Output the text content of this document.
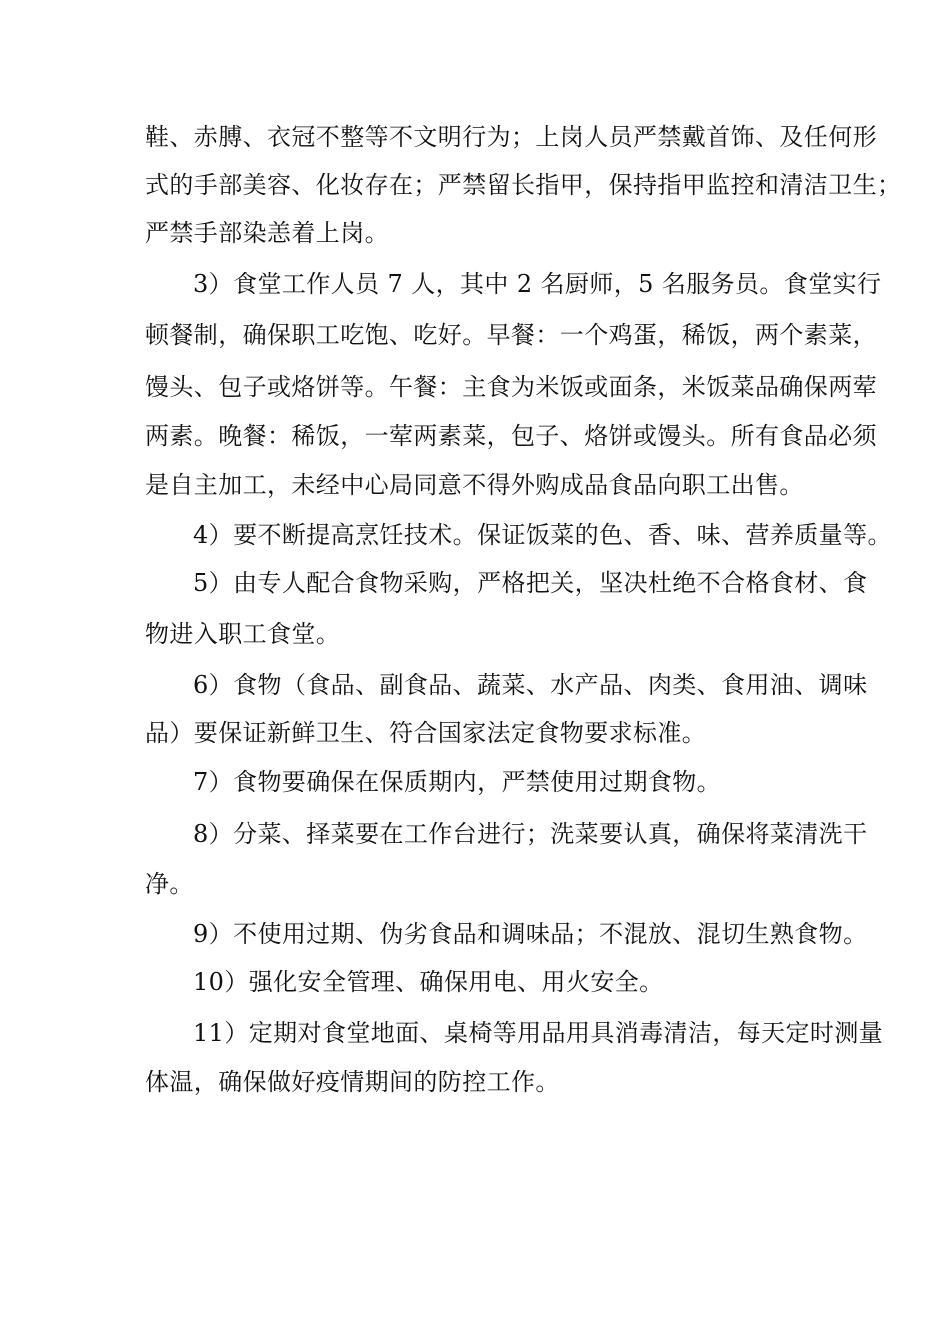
鞋、赤膊、衣冠不整等不文明行为；上岗人员严禁戴首饰、及任何形
式的手部美容、化妆存在；严禁留长指甲，保持指甲监控和清洁卫生；
严禁手部染恙着上岗。
3）食堂工作人员 7 人，其中 2 名厨师，5 名服务员。食堂实行
顿餐制，确保职工吃饱、吃好。早餐：一个鸡蛋，稀饭，两个素菜，
馒头、包子或烙饼等。午餐：主食为米饭或面条，米饭菜品确保两荤
两素。晚餐：稀饭，一荤两素菜，包子、烙饼或馒头。所有食品必须
是自主加工，未经中心局同意不得外购成品食品向职工出售。
4）要不断提高烹饪技术。保证饭菜的色、香、味、营养质量等。
5）由专人配合食物采购，严格把关，坚决杜绝不合格食材、食
物进入职工食堂。
6）食物（食品、副食品、蔬菜、水产品、肉类、食用油、调味
品）要保证新鲜卫生、符合国家法定食物要求标准。
7）食物要确保在保质期内，严禁使用过期食物。
8）分菜、择菜要在工作台进行；洗菜要认真，确保将菜清洗干
净。
9）不使用过期、伪劣食品和调味品；不混放、混切生熟食物。
10）强化安全管理、确保用电、用火安全。
11）定期对食堂地面、桌椅等用品用具消毒清洁，每天定时测量
体温，确保做好疫情期间的防控工作。
